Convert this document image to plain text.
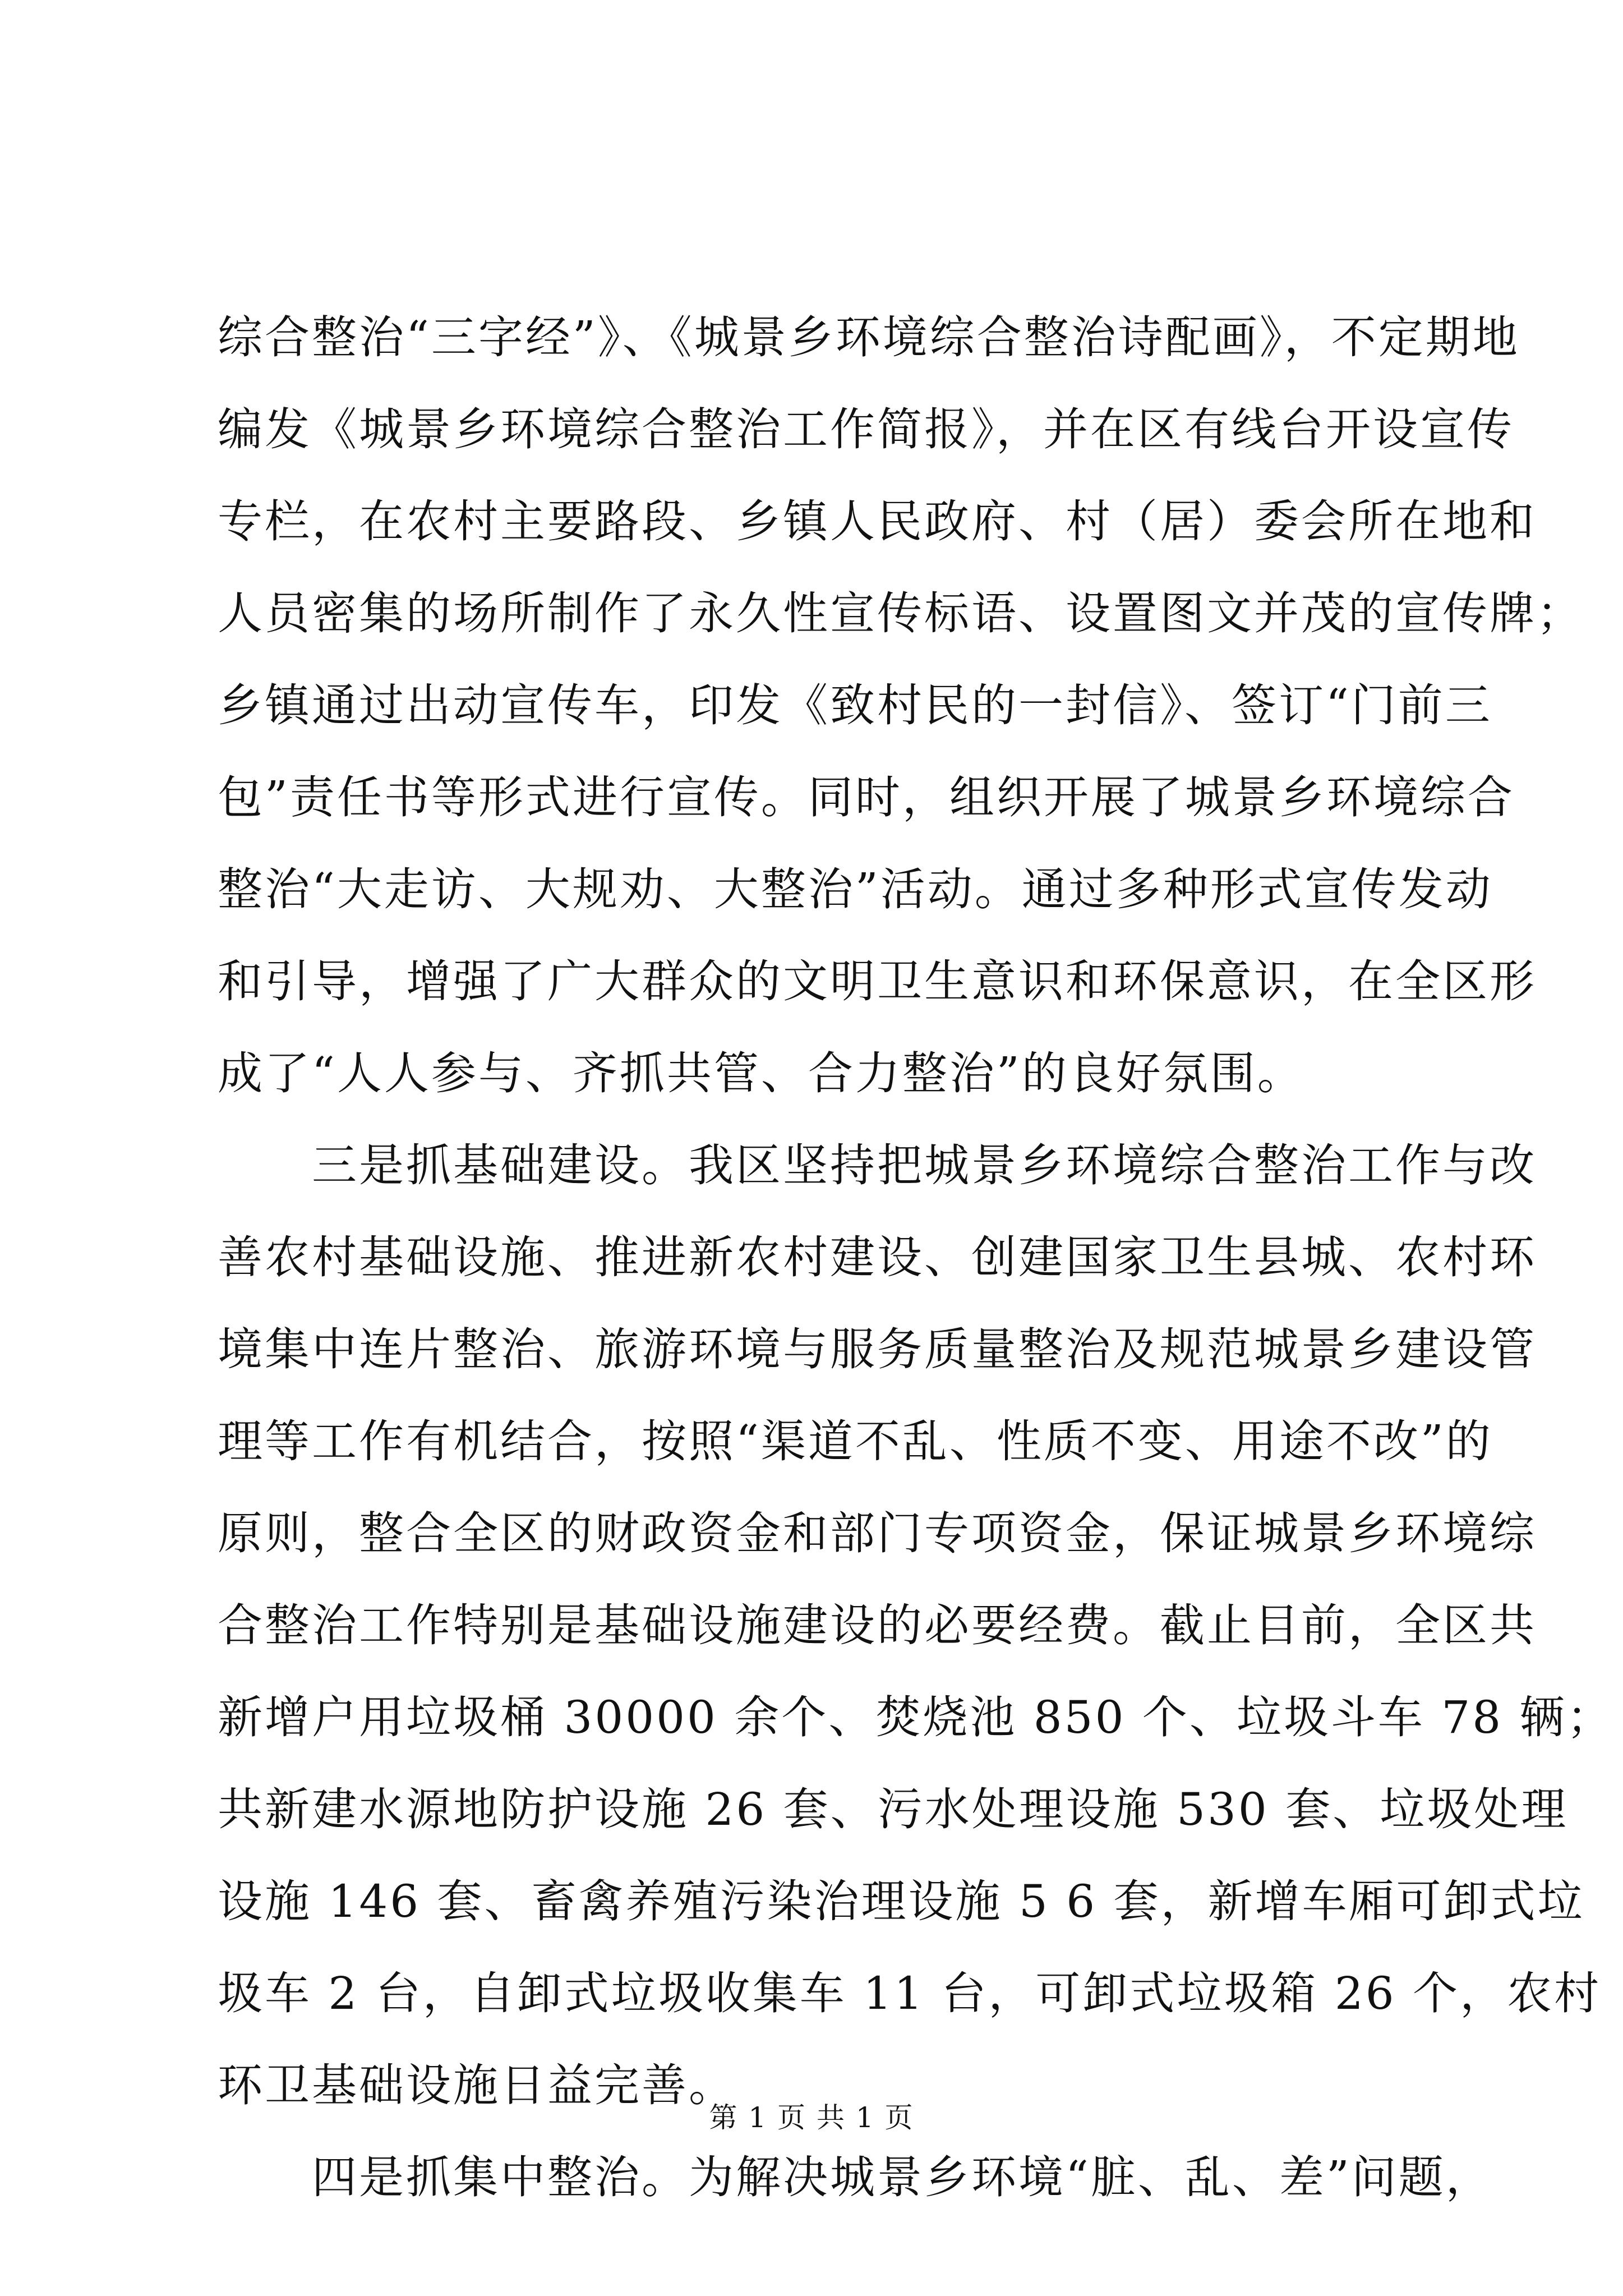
综合整治“三字经”》、《城景乡环境综合整治诗配画》，不定期地
编发《城景乡环境综合整治工作简报》，并在区有线台开设宣传
专栏，在农村主要路段、乡镇人民政府、村（居）委会所在地和
人员密集的场所制作了永久性宣传标语、设置图文并茂的宣传牌；
乡镇通过出动宣传车，印发《致村民的一封信》、签订“门前三
包”责任书等形式进行宣传。同时，组织开展了城景乡环境综合
整治“大走访、大规劝、大整治”活动。通过多种形式宣传发动
和引导，增强了广大群众的文明卫生意识和环保意识，在全区形
成了“人人参与、齐抓共管、合力整治”的良好氛围。
三是抓基础建设。我区坚持把城景乡环境综合整治工作与改
善农村基础设施、推进新农村建设、创建国家卫生县城、农村环
境集中连片整治、旅游环境与服务质量整治及规范城景乡建设管
理等工作有机结合，按照“渠道不乱、性质不变、用途不改”的
原则，整合全区的财政资金和部门专项资金，保证城景乡环境综
合整治工作特别是基础设施建设的必要经费。截止目前，全区共
新增户用垃圾桶 30000 余个、焚烧池 850 个、垃圾斗车 78 辆；
共新建水源地防护设施 26 套、污水处理设施 530 套、垃圾处理
设施 146 套、畜禽养殖污染治理设施 5 6 套，新增车厢可卸式垃
圾车 2 台，自卸式垃圾收集车 11 台，可卸式垃圾箱 26 个，农村
环卫基础设施日益完善。
四是抓集中整治。为解决城景乡环境“脏、乱、差”问题，
第 1 页 共 1 页
